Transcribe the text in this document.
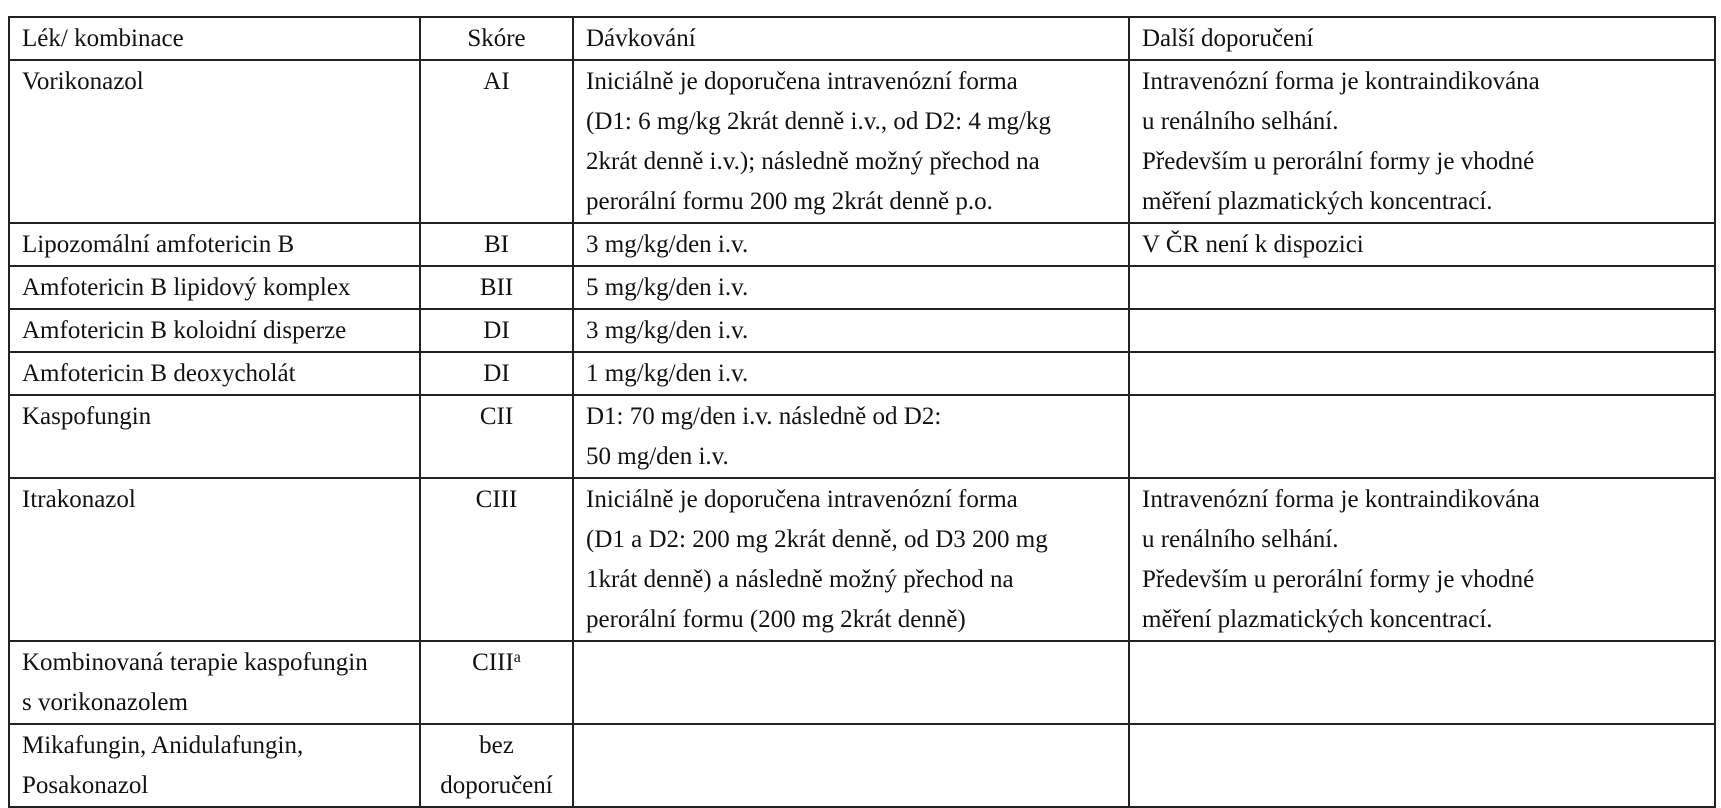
Lék/ kombinace	Skóre	Dávkování	Další doporučení
Vorikonazol	AI	Iniciálně je doporučena intravenózní forma
(D1: 6 mg/kg 2krát denně i.v., od D2: 4 mg/kg
2krát denně i.v.); následně možný přechod na
perorální formu 200 mg 2krát denně p.o.	Intravenózní forma je kontraindikována
u renálního selhání.
Především u perorální formy je vhodné
měření plazmatických koncentrací.
Lipozomální amfotericin B	BI	3 mg/kg/den i.v.	V ČR není k dispozici
Amfotericin B lipidový komplex	BII	5 mg/kg/den i.v.	
Amfotericin B koloidní disperze	DI	3 mg/kg/den i.v.	
Amfotericin B deoxycholát	DI	1 mg/kg/den i.v.	
Kaspofungin	CII	D1: 70 mg/den i.v. následně od D2:
50 mg/den i.v.	
Itrakonazol	CIII	Iniciálně je doporučena intravenózní forma
(D1 a D2: 200 mg 2krát denně, od D3 200 mg
1krát denně) a následně možný přechod na
perorální formu (200 mg 2krát denně)	Intravenózní forma je kontraindikována
u renálního selhání.
Především u perorální formy je vhodné
měření plazmatických koncentrací.
Kombinovaná terapie kaspofungin
s vorikonazolem	CIII$^a$		
Mikafungin, Anidulafungin,
Posakonazol	bez
doporučení		
